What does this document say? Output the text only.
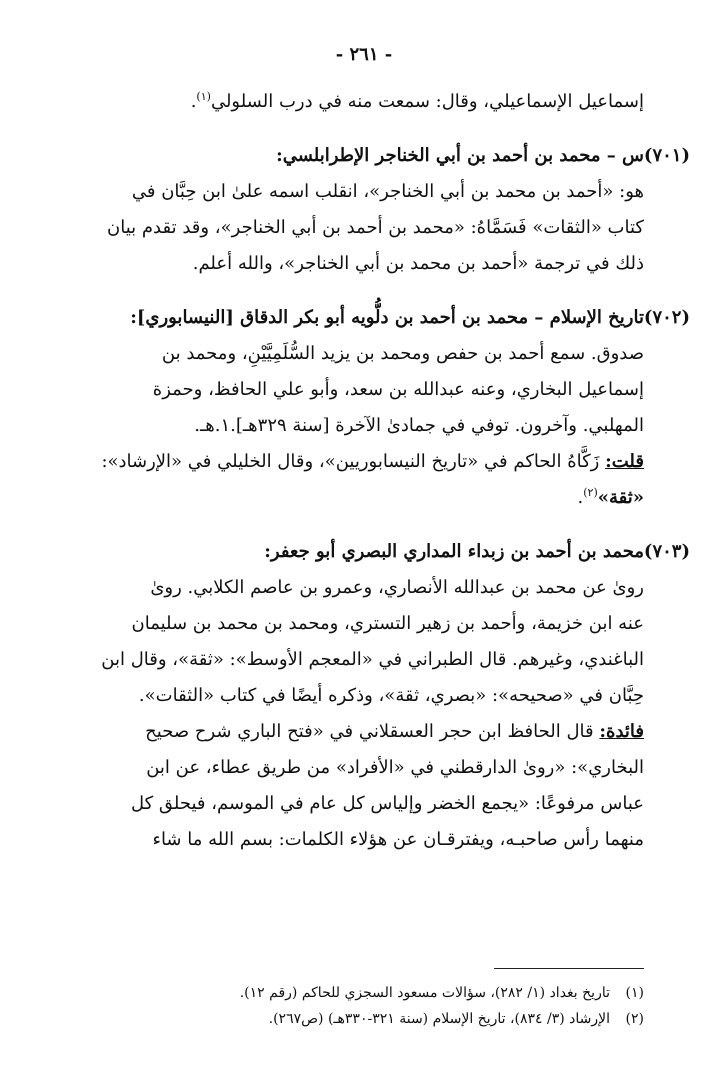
- ٢٦١ -
إسماعيل الإسماعيلي، وقال: سمعت منه في درب السلولي$^{(١)}$.
(٧٠١)س – محمد بن أحمد بن أبي الخناجر الإطرابلسي:
هو: «أحمد بن محمد بن أبي الخناجر»، انقلب اسمه علىٰ ابن حِبَّان في
كتاب «الثقات» فَسَمَّاهُ: «محمد بن أحمد بن أبي الخناجر»، وقد تقدم بيان
ذلك في ترجمة «أحمد بن محمد بن أبي الخناجر»، والله أعلم.
(٧٠٢)تاريخ الإسلام – محمد بن أحمد بن دلُّويه أبو بكر الدقاق [النيسابوري]:
صدوق. سمع أحمد بن حفص ومحمد بن يزيد السُّلَمِيَّيْنِ، ومحمد بن
إسماعيل البخاري، وعنه عبدالله بن سعد، وأبو علي الحافظ، وحمزة
المهلبي. وآخرون. توفي في جمادىٰ الآخرة [سنة ٣٢٩هـ].١.هـ.
قلت: زَكَّاهُ الحاكم في «تاريخ النيسابوريين»، وقال الخليلي في «الإرشاد»:
«ثقة»$^{(٢)}$.
(٧٠٣)محمد بن أحمد بن زبداء المداري البصري أبو جعفر:
روىٰ عن محمد بن عبدالله الأنصاري، وعمرو بن عاصم الكلابي. روىٰ
عنه ابن خزيمة، وأحمد بن زهير التستري، ومحمد بن محمد بن سليمان
الباغندي، وغيرهم. قال الطبراني في «المعجم الأوسط»: «ثقة»، وقال ابن
حِبَّان في «صحيحه»: «بصري، ثقة»، وذكره أيضًا في كتاب «الثقات».
فائدة: قال الحافظ ابن حجر العسقلاني في «فتح الباري شرح صحيح
البخاري»: «روىٰ الدارقطني في «الأفراد» من طريق عطاء، عن ابن
عباس مرفوعًا: «يجمع الخضر وإلياس كل عام في الموسم، فيحلق كل
منهما رأس صاحبـه، ويفترقـان عن هؤلاء الكلمات: بسم الله ما شاء
(١)تاريخ بغداد (١/ ٢٨٢)، سؤالات مسعود السجزي للحاكم (رقم ١٢).
(٢)الإرشاد (٣/ ٨٣٤)، تاريخ الإسلام (سنة ٣٢١-٣٣٠هـ) (ص٢٦٧).
